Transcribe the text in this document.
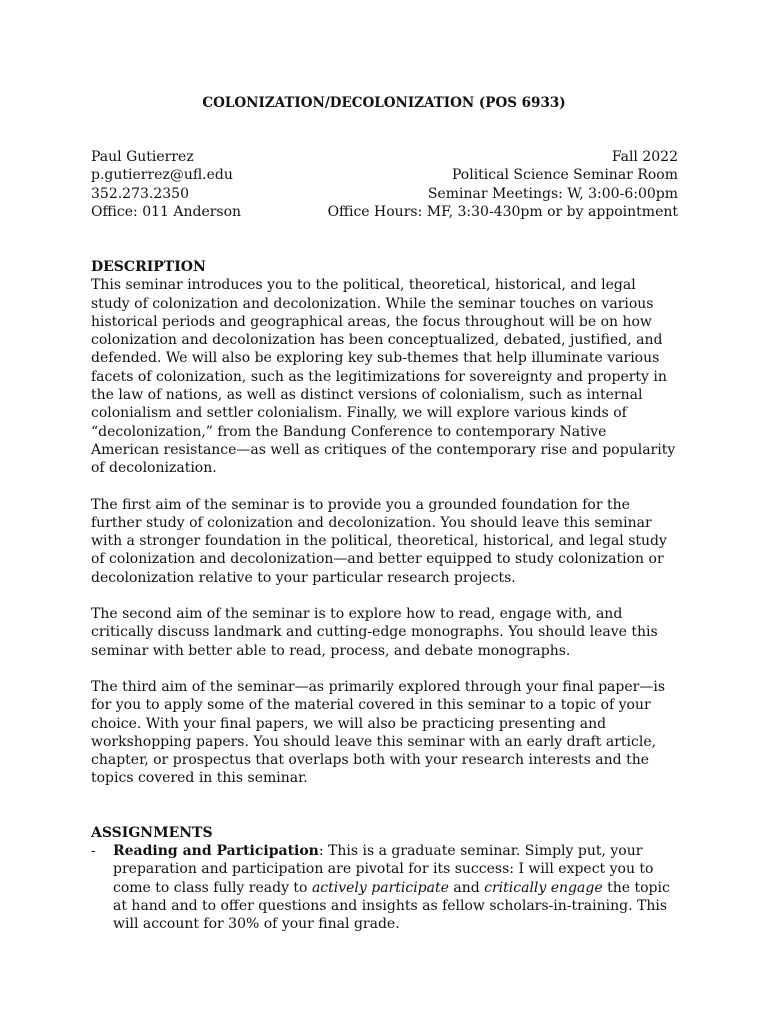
COLONIZATION/DECOLONIZATION (POS 6933)
Paul Gutierrez	Fall 2022
p.gutierrez@ufl.edu	Political Science Seminar Room
352.273.2350	Seminar Meetings: W, 3:00-6:00pm
Office: 011 Anderson	Office Hours: MF, 3:30-430pm or by appointment
DESCRIPTION

This seminar introduces you to the political, theoretical, historical, and legal study of colonization and decolonization. While the seminar touches on various historical periods and geographical areas, the focus throughout will be on how colonization and decolonization has been conceptualized, debated, justified, and defended. We will also be exploring key sub-themes that help illuminate various facets of colonization, such as the legitimizations for sovereignty and property in the law of nations, as well as distinct versions of colonialism, such as internal colonialism and settler colonialism. Finally, we will explore various kinds of “decolonization,” from the Bandung Conference to contemporary Native American resistance—as well as critiques of the contemporary rise and popularity of decolonization.

The first aim of the seminar is to provide you a grounded foundation for the further study of colonization and decolonization. You should leave this seminar with a stronger foundation in the political, theoretical, historical, and legal study of colonization and decolonization—and better equipped to study colonization or decolonization relative to your particular research projects.

The second aim of the seminar is to explore how to read, engage with, and critically discuss landmark and cutting-edge monographs. You should leave this seminar with better able to read, process, and debate monographs.

The third aim of the seminar—as primarily explored through your final paper—is for you to apply some of the material covered in this seminar to a topic of your choice. With your final papers, we will also be practicing presenting and workshopping papers. You should leave this seminar with an early draft article, chapter, or prospectus that overlaps both with your research interests and the topics covered in this seminar.

ASSIGNMENTS
-	Reading and Participation: This is a graduate seminar. Simply put, your preparation and participation are pivotal for its success: I will expect you to come to class fully ready to actively participate and critically engage the topic at hand and to offer questions and insights as fellow scholars-in-training. This will account for 30% of your final grade.
